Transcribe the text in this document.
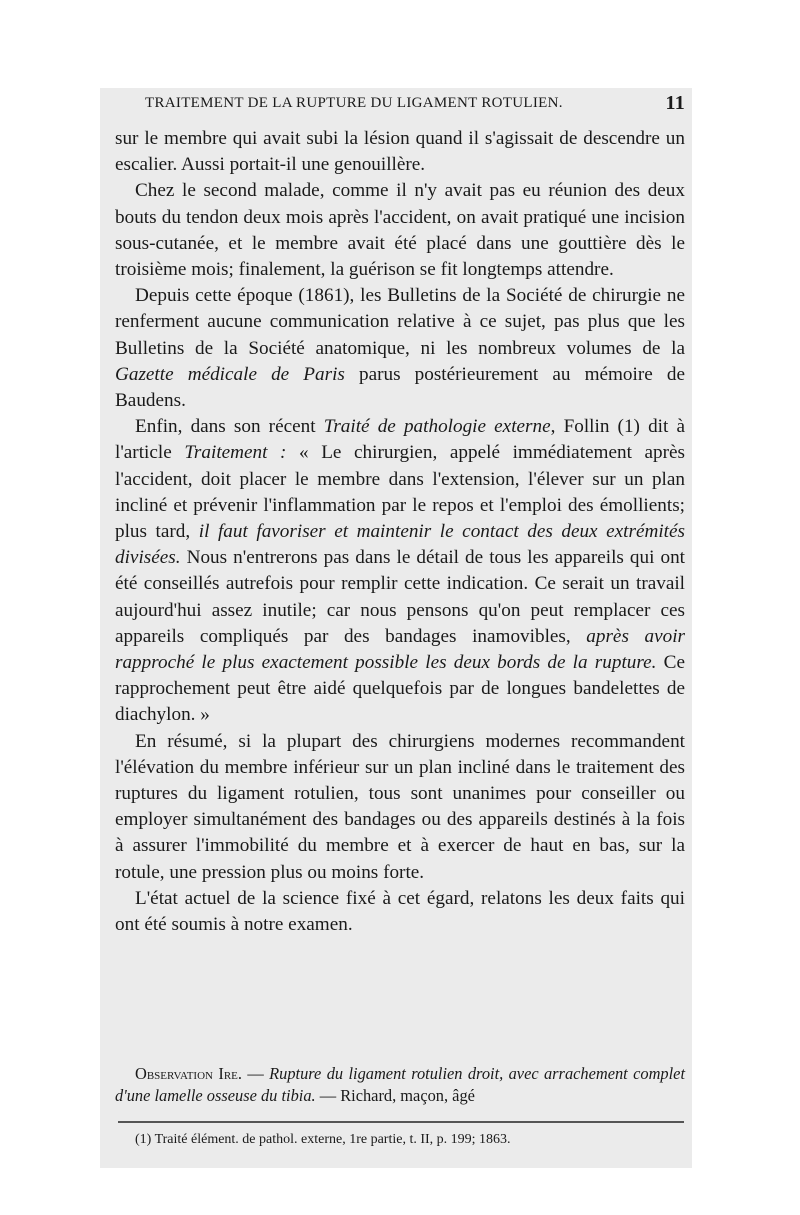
TRAITEMENT DE LA RUPTURE DU LIGAMENT ROTULIEN.	11

sur le membre qui avait subi la lésion quand il s'agissait de descendre un escalier. Aussi portait-il une genouillère.

Chez le second malade, comme il n'y avait pas eu réunion des deux bouts du tendon deux mois après l'accident, on avait pratiqué une incision sous-cutanée, et le membre avait été placé dans une gouttière dès le troisième mois; finalement, la guérison se fit longtemps attendre.

Depuis cette époque (1861), les Bulletins de la Société de chirurgie ne renferment aucune communication relative à ce sujet, pas plus que les Bulletins de la Société anatomique, ni les nombreux volumes de la Gazette médicale de Paris parus postérieurement au mémoire de Baudens.

Enfin, dans son récent Traité de pathologie externe, Follin (1) dit à l'article Traitement : « Le chirurgien, appelé immédiatement après l'accident, doit placer le membre dans l'extension, l'élever sur un plan incliné et prévenir l'inflammation par le repos et l'emploi des émollients; plus tard, il faut favoriser et maintenir le contact des deux extrémités divisées. Nous n'entrerons pas dans le détail de tous les appareils qui ont été conseillés autrefois pour remplir cette indication. Ce serait un travail aujourd'hui assez inutile; car nous pensons qu'on peut remplacer ces appareils compliqués par des bandages inamovibles, après avoir rapproché le plus exactement possible les deux bords de la rupture. Ce rapprochement peut être aidé quelquefois par de longues bandelettes de diachylon. »

En résumé, si la plupart des chirurgiens modernes recommandent l'élévation du membre inférieur sur un plan incliné dans le traitement des ruptures du ligament rotulien, tous sont unanimes pour conseiller ou employer simultanément des bandages ou des appareils destinés à la fois à assurer l'immobilité du membre et à exercer de haut en bas, sur la rotule, une pression plus ou moins forte.

L'état actuel de la science fixé à cet égard, relatons les deux faits qui ont été soumis à notre examen.

Observation Ire. — Rupture du ligament rotulien droit, avec arrachement complet d'une lamelle osseuse du tibia. — Richard, maçon, âgé

(1) Traité élément. de pathol. externe, 1re partie, t. II, p. 199; 1863.
